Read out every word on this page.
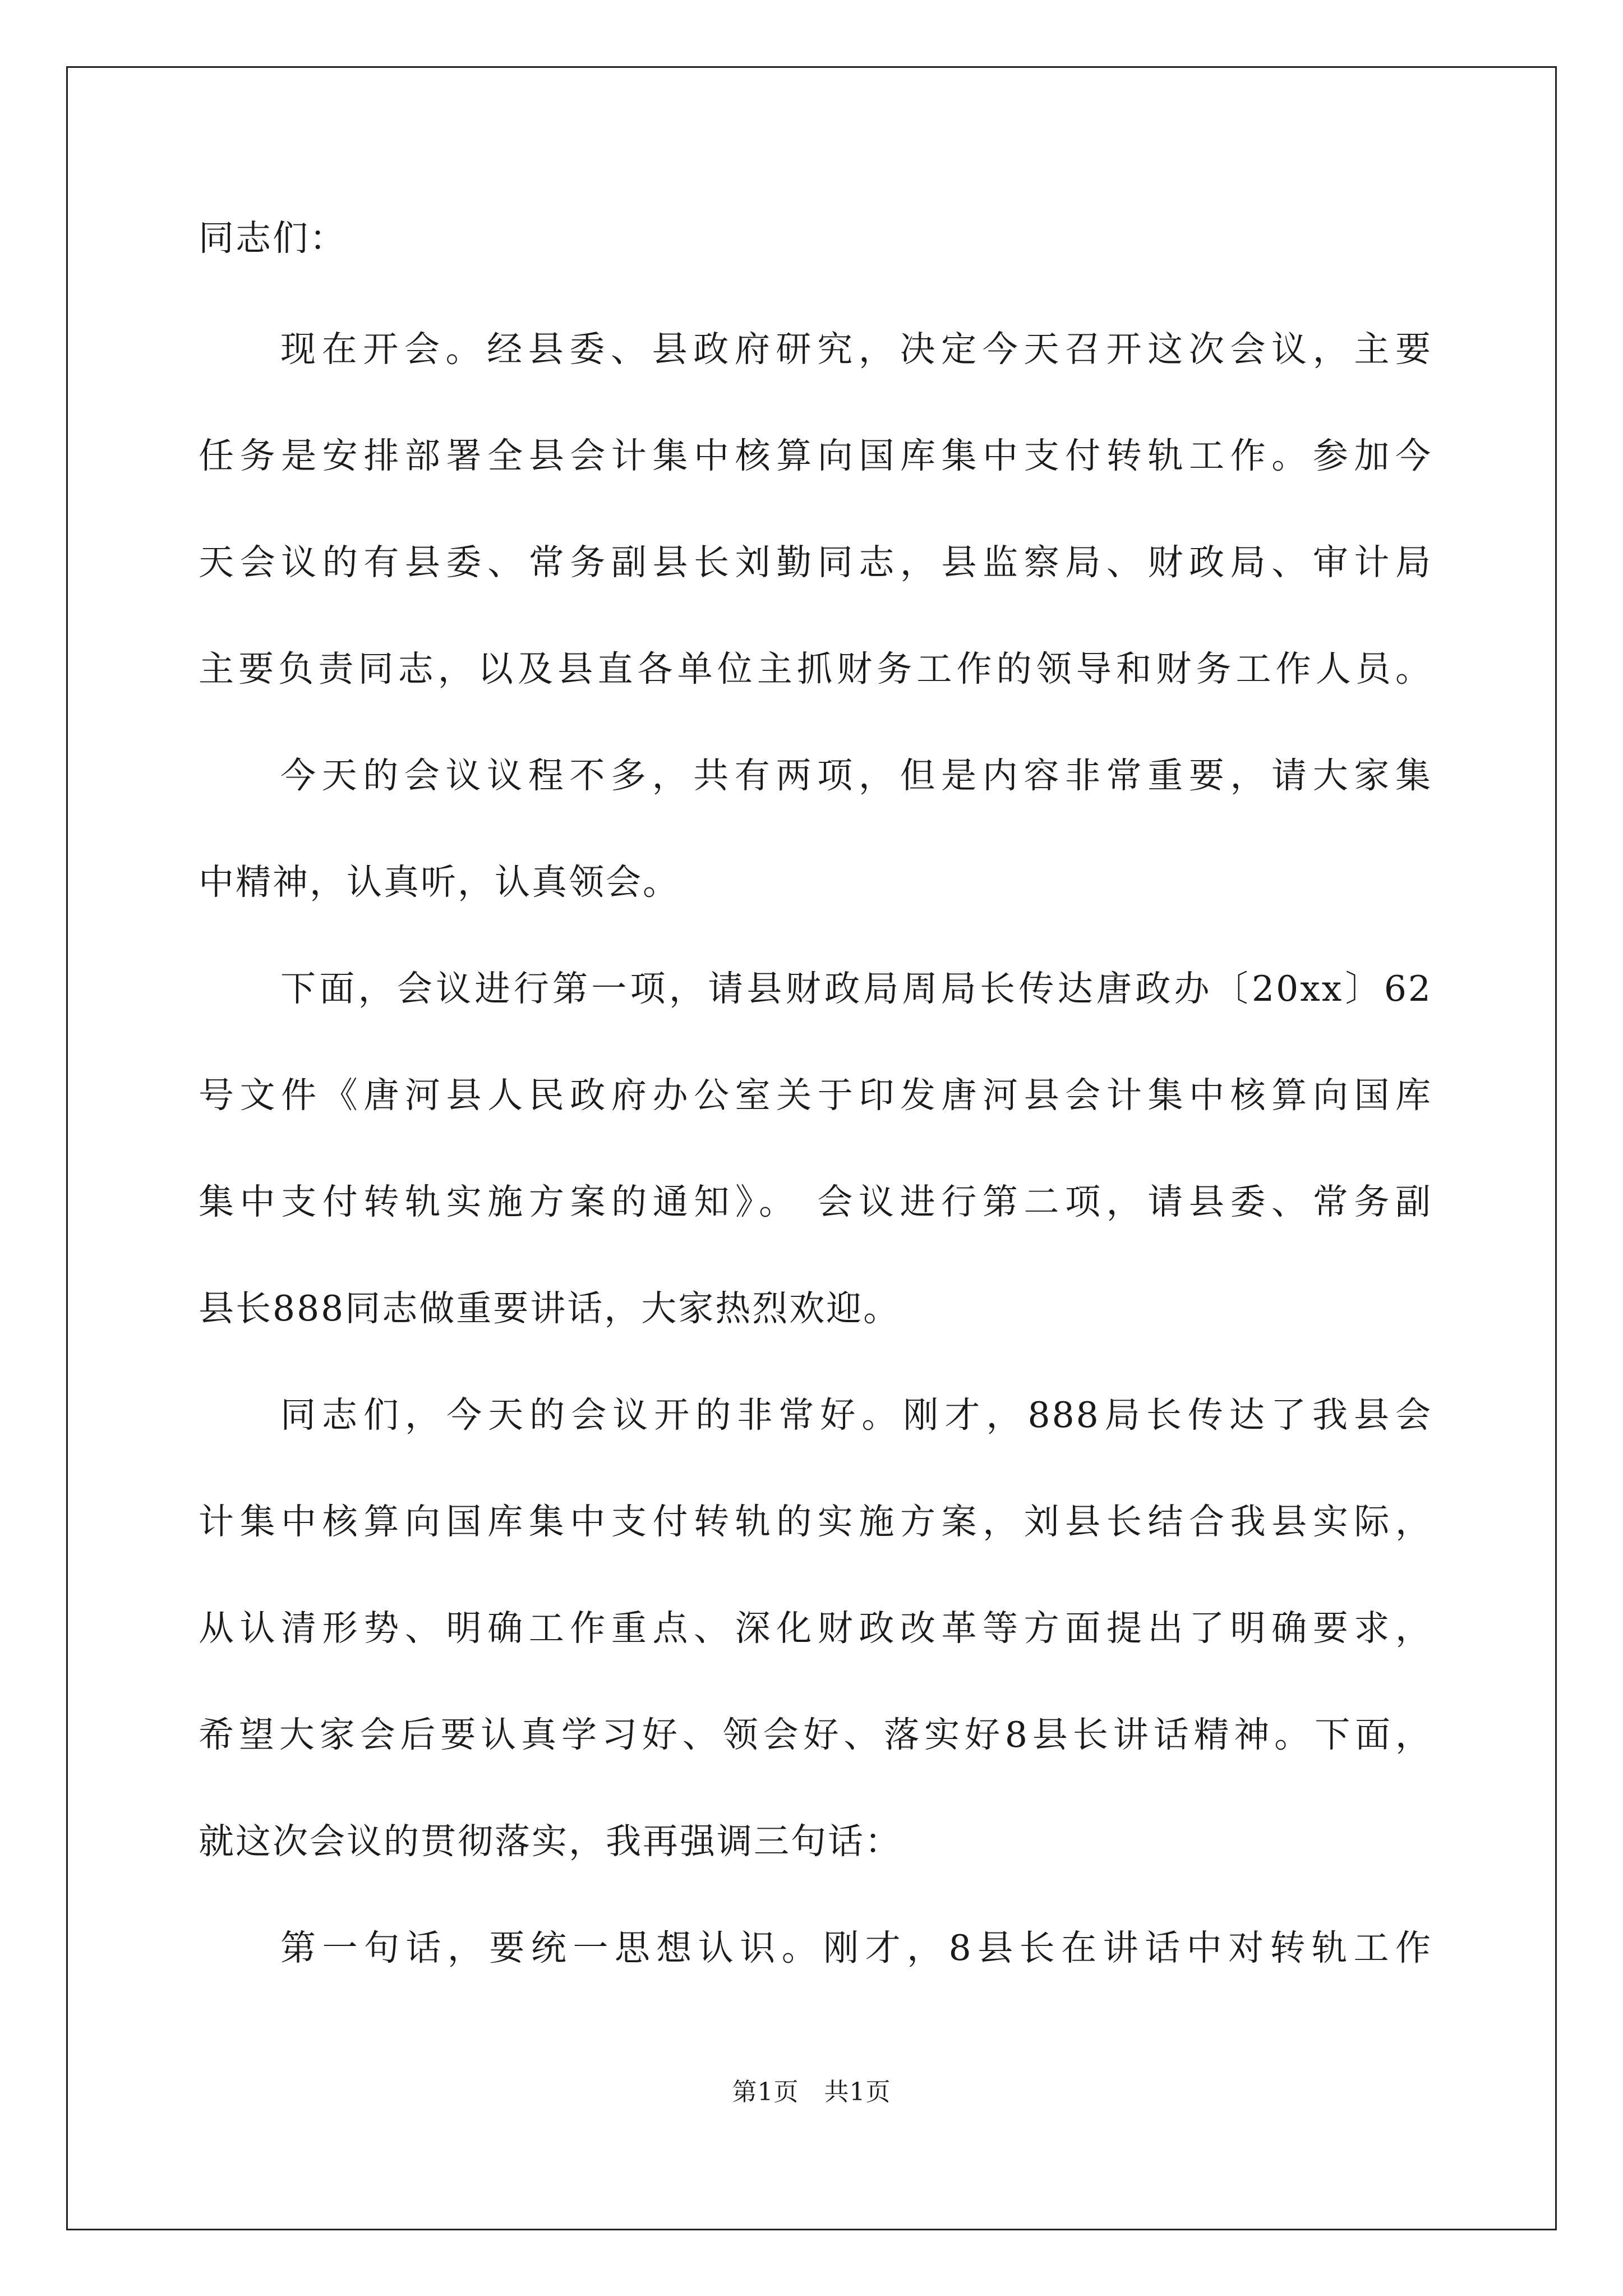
同志们：
现在开会。经县委、县政府研究，决定今天召开这次会议，主要
任务是安排部署全县会计集中核算向国库集中支付转轨工作。参加今
天会议的有县委、常务副县长刘勤同志，县监察局、财政局、审计局
主要负责同志，以及县直各单位主抓财务工作的领导和财务工作人员。
今天的会议议程不多，共有两项，但是内容非常重要，请大家集
中精神，认真听，认真领会。
下面，会议进行第一项，请县财政局周局长传达唐政办〔20xx〕62
号文件《唐河县人民政府办公室关于印发唐河县会计集中核算向国库
集中支付转轨实施方案的通知》。 会议进行第二项，请县委、常务副
县长888同志做重要讲话，大家热烈欢迎。
同志们，今天的会议开的非常好。刚才，888局长传达了我县会
计集中核算向国库集中支付转轨的实施方案，刘县长结合我县实际，
从认清形势、明确工作重点、深化财政改革等方面提出了明确要求，
希望大家会后要认真学习好、领会好、落实好8县长讲话精神。下面，
就这次会议的贯彻落实，我再强调三句话：
第一句话，要统一思想认识。刚才，8县长在讲话中对转轨工作
第1页　共1页
